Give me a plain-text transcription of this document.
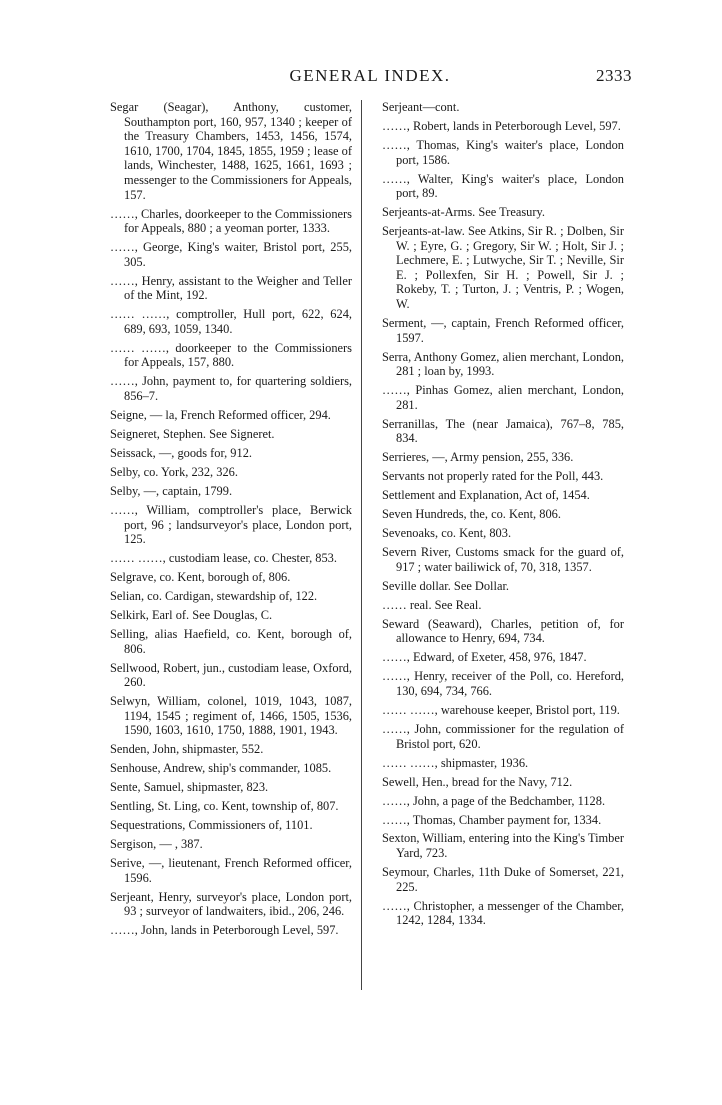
GENERAL INDEX.	2333

Segar (Seagar), Anthony, customer, Southampton port, 160, 957, 1340 ; keeper of the Treasury Chambers, 1453, 1456, 1574, 1610, 1700, 1704, 1845, 1855, 1959 ; lease of lands, Winchester, 1488, 1625, 1661, 1693 ; messenger to the Commissioners for Appeals, 157.

……, Charles, doorkeeper to the Commissioners for Appeals, 880 ; a yeoman porter, 1333.

……, George, King's waiter, Bristol port, 255, 305.

……, Henry, assistant to the Weigher and Teller of the Mint, 192.

…… ……, comptroller, Hull port, 622, 624, 689, 693, 1059, 1340.

…… ……, doorkeeper to the Commissioners for Appeals, 157, 880.

……, John, payment to, for quartering soldiers, 856–7.

Seigne, — la, French Reformed officer, 294.

Seigneret, Stephen. See Signeret.

Seissack, —, goods for, 912.

Selby, co. York, 232, 326.

Selby, —, captain, 1799.

……, William, comptroller's place, Berwick port, 96 ; landsurveyor's place, London port, 125.

…… ……, custodiam lease, co. Chester, 853.

Selgrave, co. Kent, borough of, 806.

Selian, co. Cardigan, stewardship of, 122.

Selkirk, Earl of. See Douglas, C.

Selling, alias Haefield, co. Kent, borough of, 806.

Sellwood, Robert, jun., custodiam lease, Oxford, 260.

Selwyn, William, colonel, 1019, 1043, 1087, 1194, 1545 ; regiment of, 1466, 1505, 1536, 1590, 1603, 1610, 1750, 1888, 1901, 1943.

Senden, John, shipmaster, 552.

Senhouse, Andrew, ship's commander, 1085.

Sente, Samuel, shipmaster, 823.

Sentling, St. Ling, co. Kent, township of, 807.

Sequestrations, Commissioners of, 1101.

Sergison, — , 387.

Serive, —, lieutenant, French Reformed officer, 1596.

Serjeant, Henry, surveyor's place, London port, 93 ; surveyor of landwaiters, ibid., 206, 246.

……, John, lands in Peterborough Level, 597.

Serjeant—cont.

……, Robert, lands in Peterborough Level, 597.

……, Thomas, King's waiter's place, London port, 1586.

……, Walter, King's waiter's place, London port, 89.

Serjeants-at-Arms. See Treasury.

Serjeants-at-law. See Atkins, Sir R. ; Dolben, Sir W. ; Eyre, G. ; Gregory, Sir W. ; Holt, Sir J. ; Lechmere, E. ; Lutwyche, Sir T. ; Neville, Sir E. ; Pollexfen, Sir H. ; Powell, Sir J. ; Rokeby, T. ; Turton, J. ; Ventris, P. ; Wogen, W.

Serment, —, captain, French Reformed officer, 1597.

Serra, Anthony Gomez, alien merchant, London, 281 ; loan by, 1993.

……, Pinhas Gomez, alien merchant, London, 281.

Serranillas, The (near Jamaica), 767–8, 785, 834.

Serrieres, —, Army pension, 255, 336.

Servants not properly rated for the Poll, 443.

Settlement and Explanation, Act of, 1454.

Seven Hundreds, the, co. Kent, 806.

Sevenoaks, co. Kent, 803.

Severn River, Customs smack for the guard of, 917 ; water bailiwick of, 70, 318, 1357.

Seville dollar. See Dollar.

…… real. See Real.

Seward (Seaward), Charles, petition of, for allowance to Henry, 694, 734.

……, Edward, of Exeter, 458, 976, 1847.

……, Henry, receiver of the Poll, co. Hereford, 130, 694, 734, 766.

…… ……, warehouse keeper, Bristol port, 119.

……, John, commissioner for the regulation of Bristol port, 620.

…… ……, shipmaster, 1936.

Sewell, Hen., bread for the Navy, 712.

……, John, a page of the Bedchamber, 1128.

……, Thomas, Chamber payment for, 1334.

Sexton, William, entering into the King's Timber Yard, 723.

Seymour, Charles, 11th Duke of Somerset, 221, 225.

……, Christopher, a messenger of the Chamber, 1242, 1284, 1334.
